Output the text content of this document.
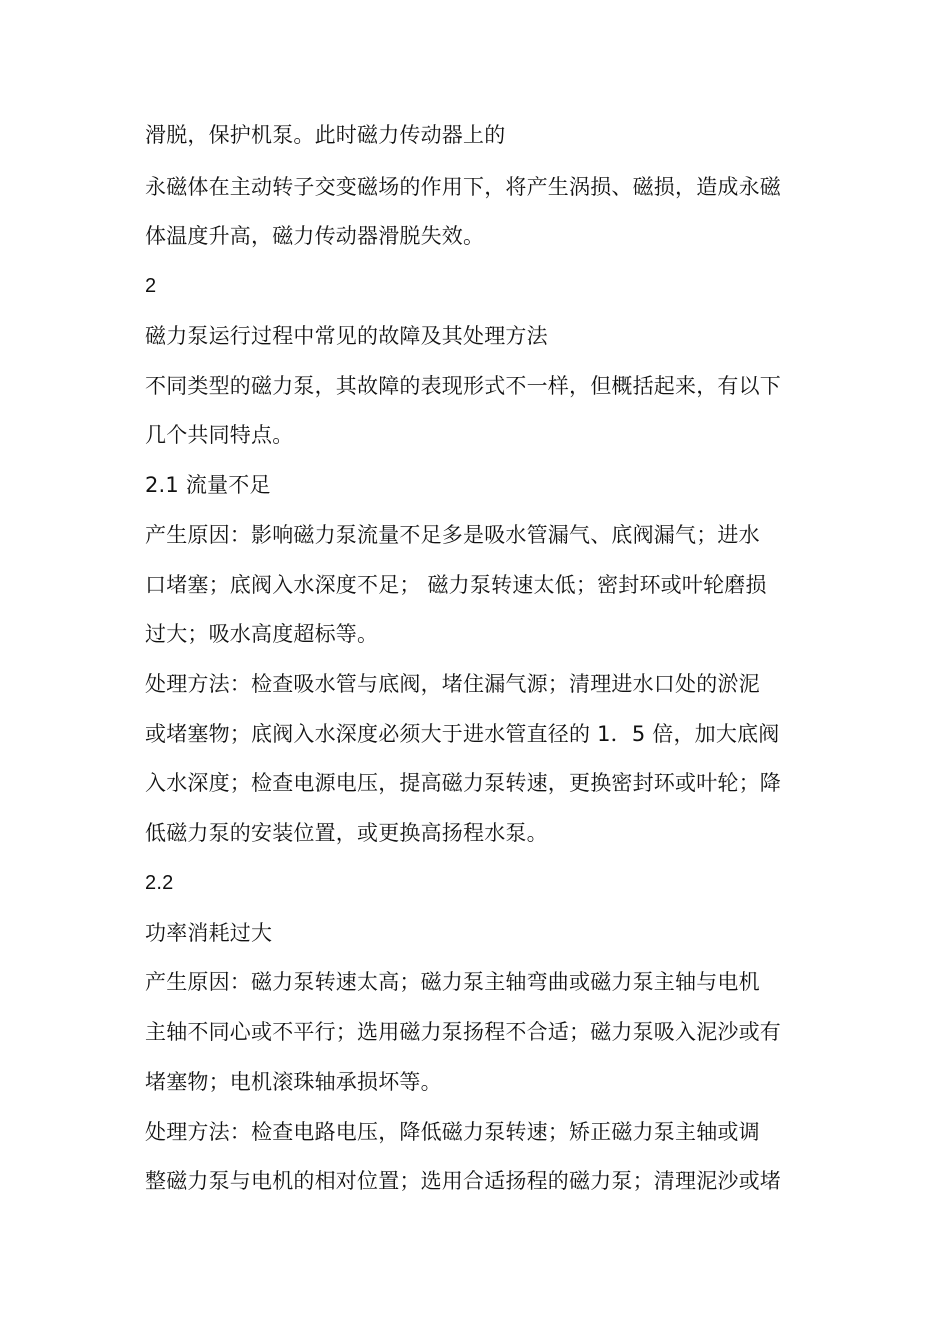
滑脱，保护机泵。此时磁力传动器上的
永磁体在主动转子交变磁场的作用下，将产生涡损、磁损，造成永磁
体温度升高，磁力传动器滑脱失效。
2
磁力泵运行过程中常见的故障及其处理方法
不同类型的磁力泵，其故障的表现形式不一样，但概括起来，有以下
几个共同特点。
2.1 流量不足
产生原因：影响磁力泵流量不足多是吸水管漏气、底阀漏气；进水
口堵塞；底阀入水深度不足； 磁力泵转速太低；密封环或叶轮磨损
过大；吸水高度超标等。
处理方法：检查吸水管与底阀，堵住漏气源；清理进水口处的淤泥
或堵塞物；底阀入水深度必须大于进水管直径的 1．5 倍，加大底阀
入水深度；检查电源电压，提高磁力泵转速，更换密封环或叶轮；降
低磁力泵的安装位置，或更换高扬程水泵。
2.2
功率消耗过大
产生原因：磁力泵转速太高；磁力泵主轴弯曲或磁力泵主轴与电机
主轴不同心或不平行；选用磁力泵扬程不合适；磁力泵吸入泥沙或有
堵塞物；电机滚珠轴承损坏等。
处理方法：检查电路电压，降低磁力泵转速；矫正磁力泵主轴或调
整磁力泵与电机的相对位置；选用合适扬程的磁力泵；清理泥沙或堵
